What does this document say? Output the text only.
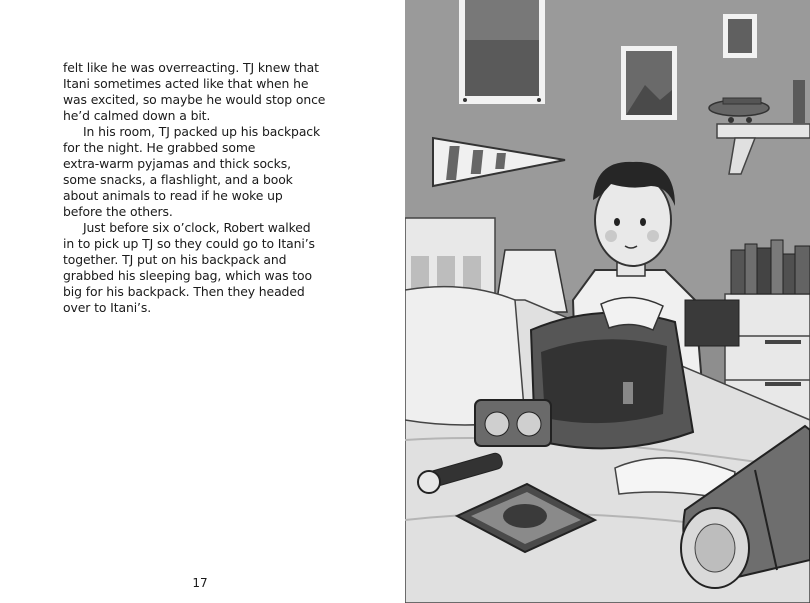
felt like he was overreacting. TJ knew that
Itani sometimes acted like that when he
was excited, so maybe he would stop once
he’d calmed down a bit.
In his room, TJ packed up his backpack
for the night. He grabbed some
extra-warm pyjamas and thick socks,
some snacks, a flashlight, and a book
about animals to read if he woke up
before the others.
Just before six o’clock, Robert walked
in to pick up TJ so they could go to Itani’s
together. TJ put on his backpack and
grabbed his sleeping bag, which was too
big for his backpack. Then they headed
over to Itani’s.
17
